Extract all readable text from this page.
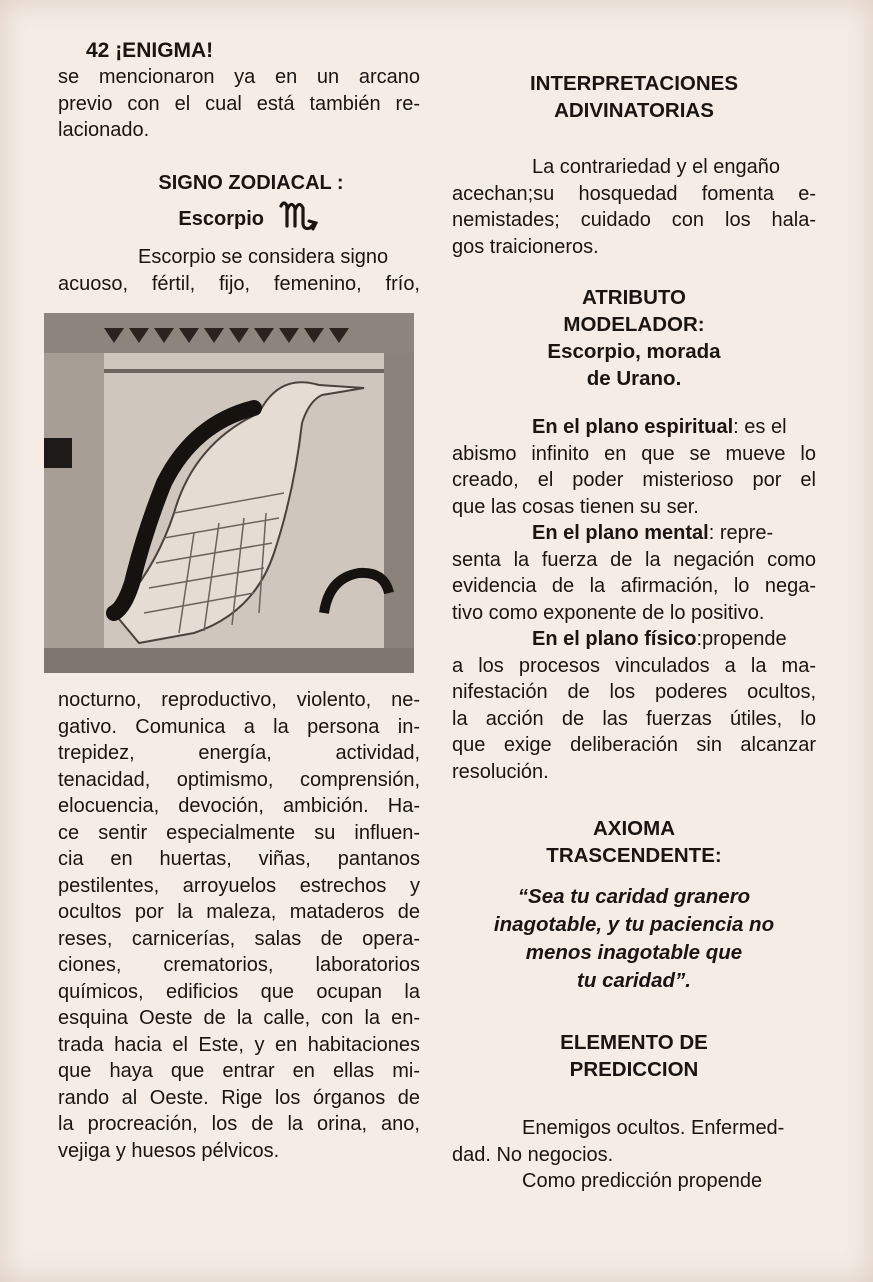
42 ¡ENIGMA!
se mencionaron ya en un arcano
previo con el cual está también re-
lacionado.
SIGNO ZODIACAL :
Escorpio
Escorpio se considera signo
acuoso, fértil, fijo, femenino, frío,
nocturno, reproductivo, violento, ne-
gativo. Comunica a la persona in-
trepidez, energía, actividad,
tenacidad, optimismo, comprensión,
elocuencia, devoción, ambición. Ha-
ce sentir especialmente su influen-
cia en huertas, viñas, pantanos
pestilentes, arroyuelos estrechos y
ocultos por la maleza, mataderos de
reses, carnicerías, salas de opera-
ciones, crematorios, laboratorios
químicos, edificios que ocupan la
esquina Oeste de la calle, con la en-
trada hacia el Este, y en habitaciones
que haya que entrar en ellas mi-
rando al Oeste. Rige los órganos de
la procreación, los de la orina, ano,
vejiga y huesos pélvicos.
INTERPRETACIONES
ADIVINATORIAS
La contrariedad y el engaño
acechan;su hosquedad fomenta e-
nemistades; cuidado con los hala-
gos traicioneros.
ATRIBUTO
MODELADOR:
Escorpio, morada
de Urano.
En el plano espiritual: es el
abismo infinito en que se mueve lo
creado, el poder misterioso por el
que las cosas tienen su ser.
En el plano mental: repre-
senta la fuerza de la negación como
evidencia de la afirmación, lo nega-
tivo como exponente de lo positivo.
En el plano físico:propende
a los procesos vinculados a la ma-
nifestación de los poderes ocultos,
la acción de las fuerzas útiles, lo
que exige deliberación sin alcanzar
resolución.
AXIOMA
TRASCENDENTE:
“Sea tu caridad granero
inagotable, y tu paciencia no
menos inagotable que
tu caridad”.
ELEMENTO DE
PREDICCION
Enemigos ocultos. Enfermed-
dad. No negocios.
Como predicción propende
